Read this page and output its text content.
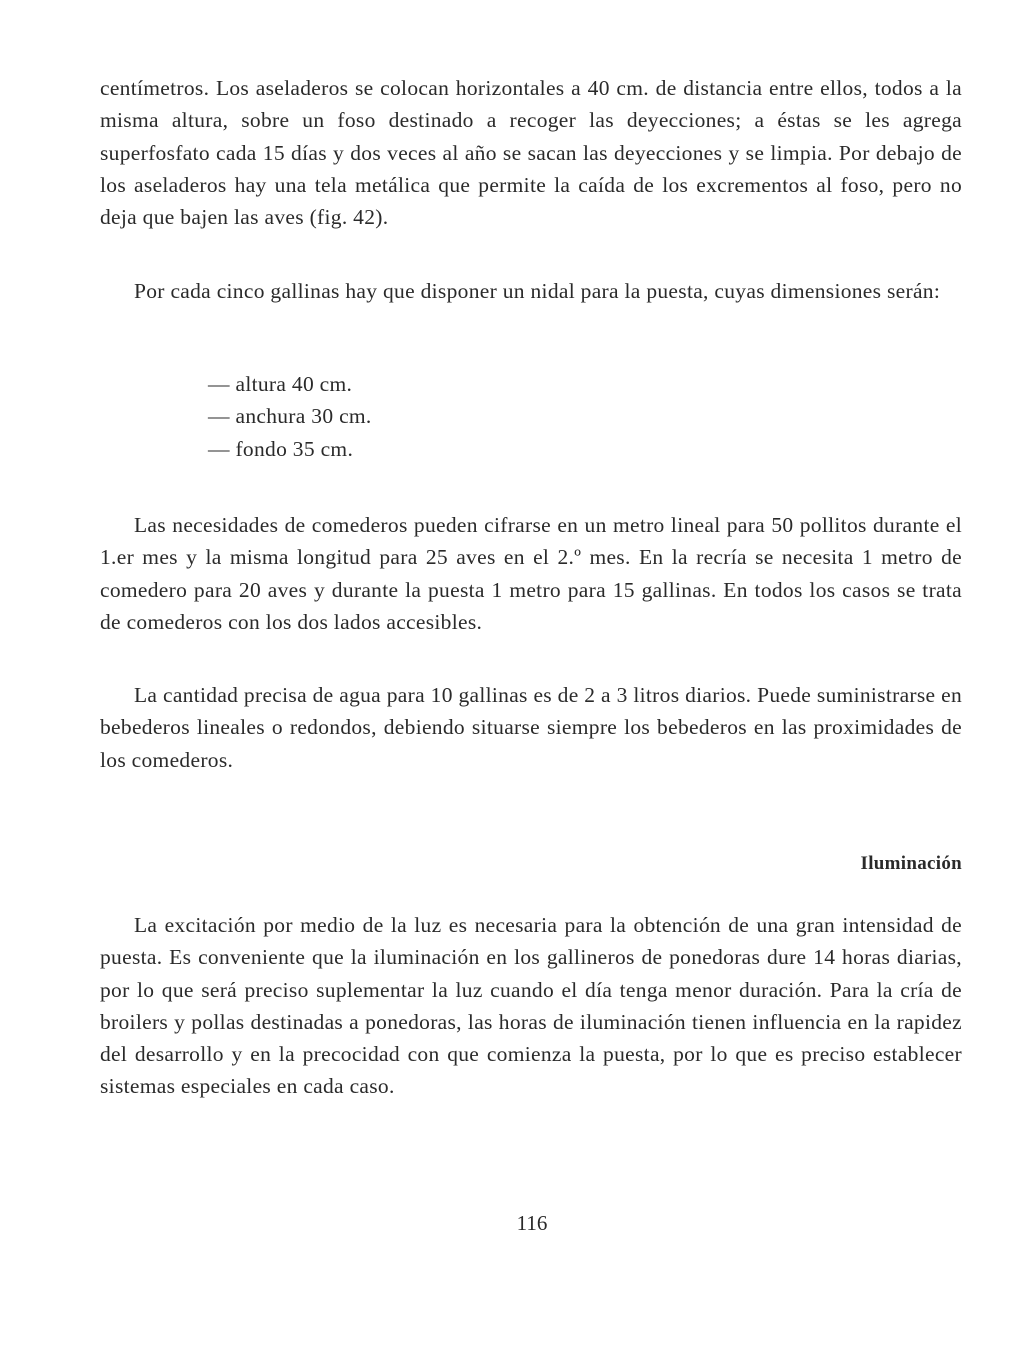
centímetros. Los aseladeros se colocan horizontales a 40 cm. de distancia entre ellos, todos a la misma altura, sobre un foso destinado a recoger las deyecciones; a éstas se les agrega superfosfato cada 15 días y dos veces al año se sacan las deyecciones y se limpia. Por debajo de los aseladeros hay una tela metálica que permite la caída de los excrementos al foso, pero no deja que bajen las aves (fig. 42).

Por cada cinco gallinas hay que disponer un nidal para la puesta, cuyas dimensiones serán:

— altura 40 cm.
— anchura 30 cm.
— fondo 35 cm.

Las necesidades de comederos pueden cifrarse en un metro lineal para 50 pollitos durante el 1.er mes y la misma longitud para 25 aves en el 2.º mes. En la recría se necesita 1 metro de comedero para 20 aves y durante la puesta 1 metro para 15 gallinas. En todos los casos se trata de comederos con los dos lados accesibles.

La cantidad precisa de agua para 10 gallinas es de 2 a 3 litros diarios. Puede suministrarse en bebederos lineales o redondos, debiendo situarse siempre los bebederos en las proximidades de los comederos.

Iluminación

La excitación por medio de la luz es necesaria para la obtención de una gran intensidad de puesta. Es conveniente que la iluminación en los gallineros de ponedoras dure 14 horas diarias, por lo que será preciso suplementar la luz cuando el día tenga menor duración. Para la cría de broilers y pollas destinadas a ponedoras, las horas de iluminación tienen influencia en la rapidez del desarrollo y en la precocidad con que comienza la puesta, por lo que es preciso establecer sistemas especiales en cada caso.

116
